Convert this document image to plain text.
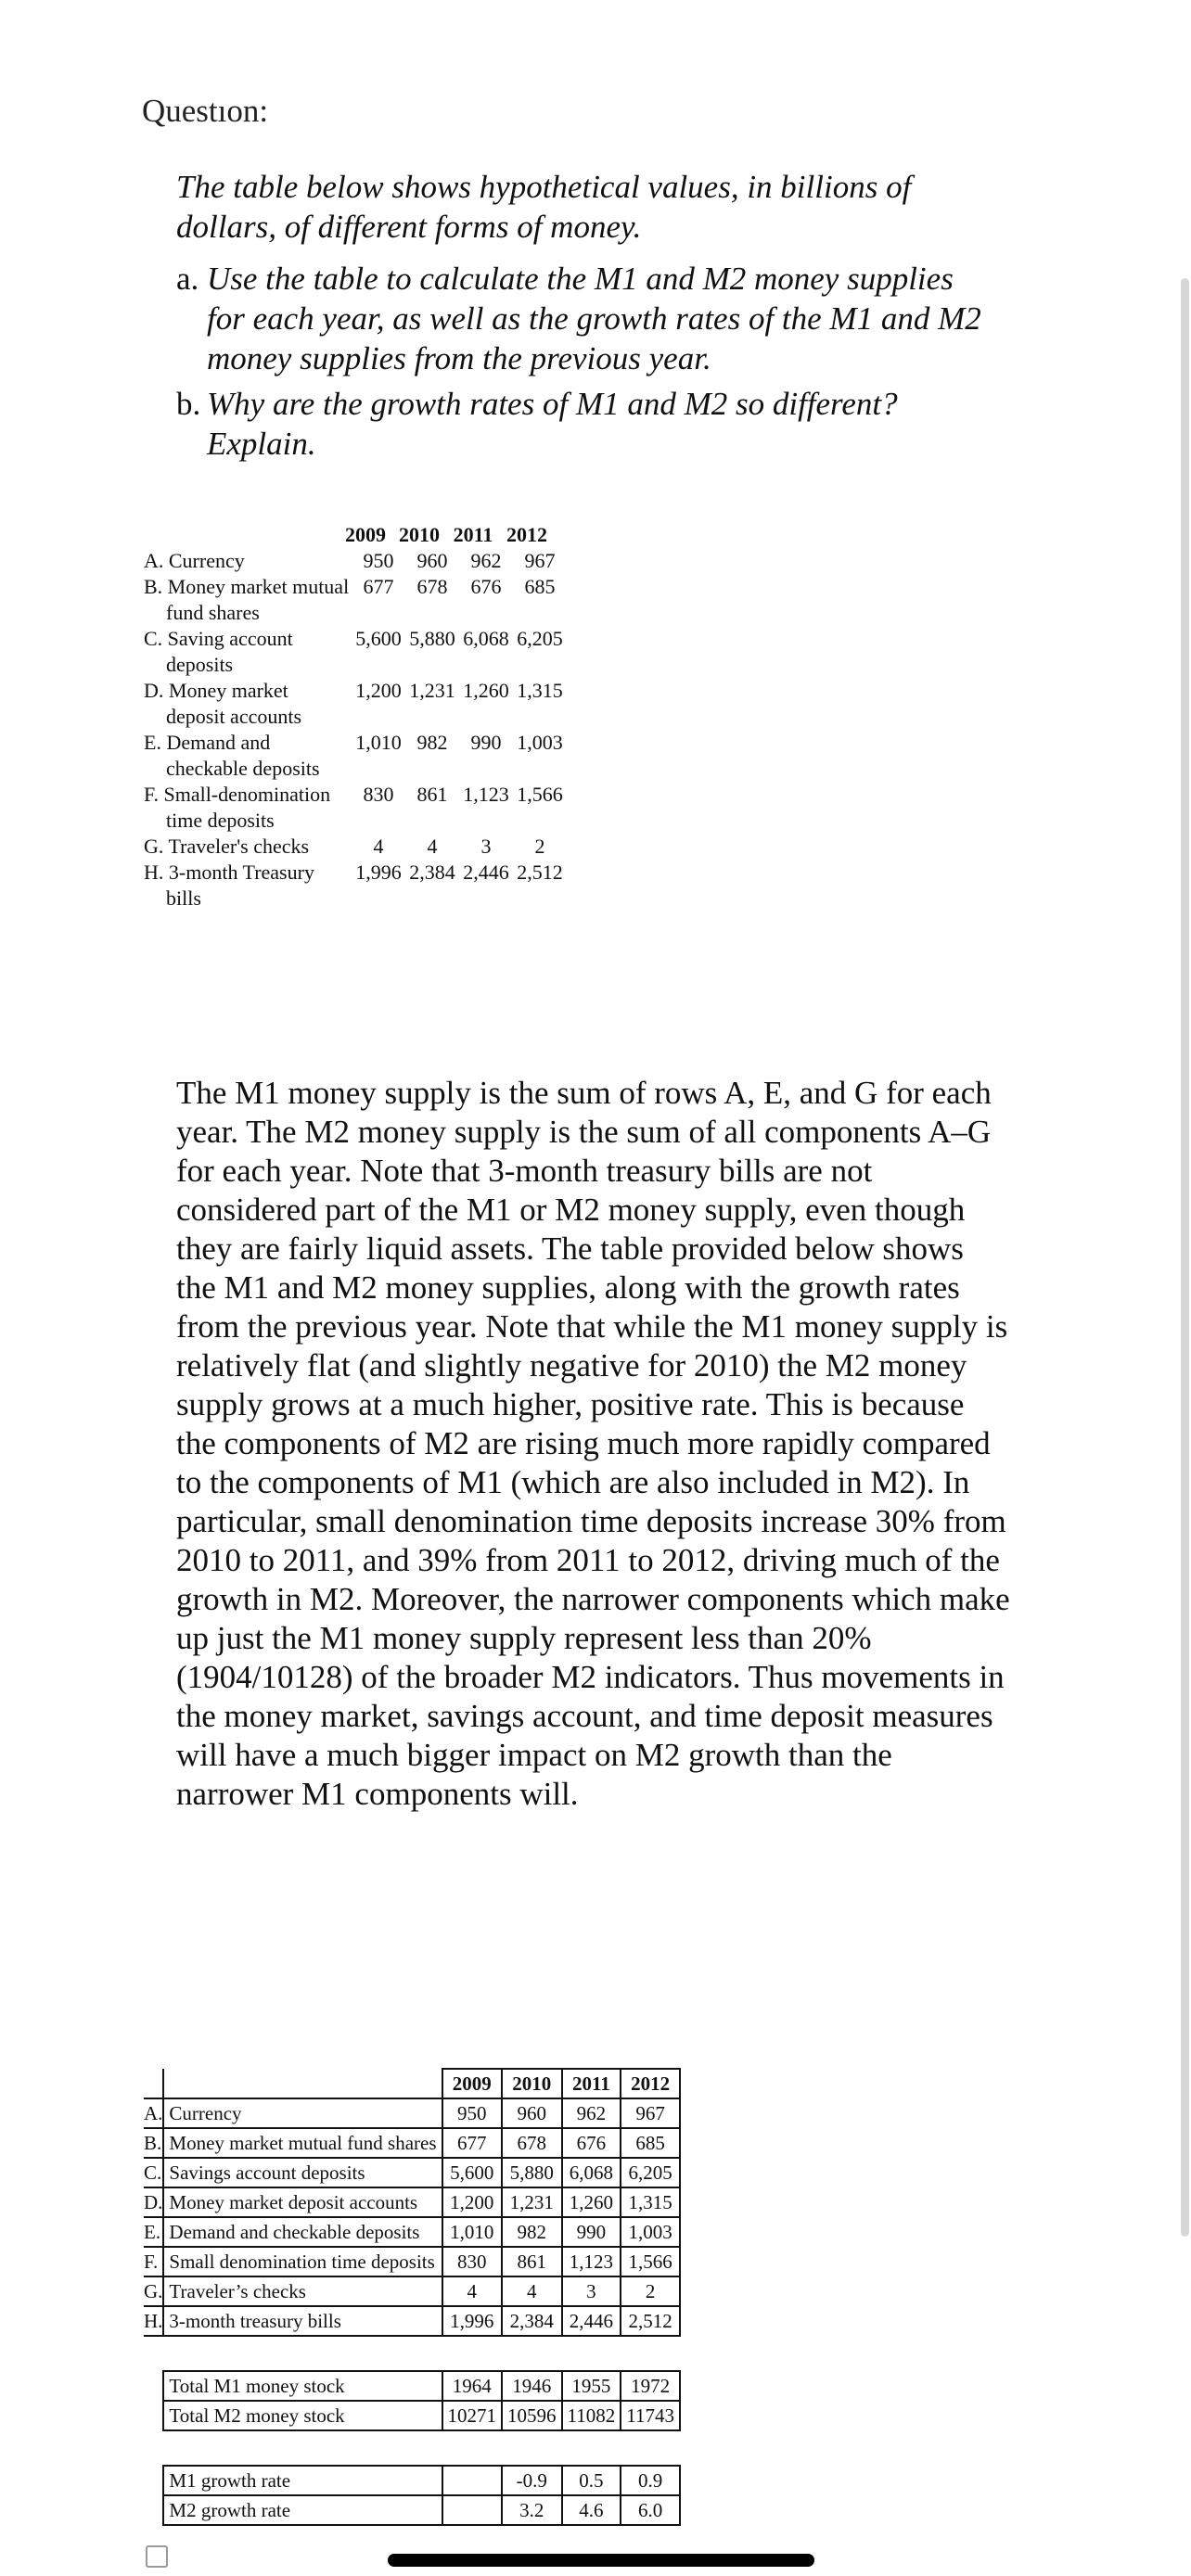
Questıon:

The table below shows hypothetical values, in billions of dollars, of different forms of money.

a. Use the table to calculate the M1 and M2 money supplies for each year, as well as the growth rates of the M1 and M2 money supplies from the previous year.
b. Why are the growth rates of M1 and M2 so different? Explain.
2009 2010 2011 2012
A. Currency	950	960	962	967
B. Money market mutual fund shares
677	678	676	685
C. Saving account deposits
5,600 5,880 6,068 6,205
D. Money market deposit accounts
1,200 1,231 1,260 1,315
E. Demand and checkable deposits
1,010 982	990 1,003
F. Small-denomination time deposits
830	861 1,123 1,566
G. Traveler's checks	4	4	3	2
H. 3-month Treasury bills
1,996 2,384 2,446 2,512

The M1 money supply is the sum of rows A, E, and G for each year. The M2 money supply is the sum of all components A–G for each year. Note that 3-month treasury bills are not considered part of the M1 or M2 money supply, even though they are fairly liquid assets. The table provided below shows the M1 and M2 money supplies, along with the growth rates from the previous year. Note that while the M1 money supply is relatively flat (and slightly negative for 2010) the M2 money supply grows at a much higher, positive rate. This is because the components of M2 are rising much more rapidly compared to the components of M1 (which are also included in M2). In particular, small denomination time deposits increase 30% from 2010 to 2011, and 39% from 2011 to 2012, driving much of the growth in M2. Moreover, the narrower components which make up just the M1 money supply represent less than 20% (1904/10128) of the broader M2 indicators. Thus movements in the money market, savings account, and time deposit measures will have a much bigger impact on M2 growth than the narrower M1 components will.

		2009	2010	2011	2012
A.	Currency	950	960	962	967
B.	Money market mutual fund shares	677	678	676	685
C.	Savings account deposits	5,600	5,880	6,068	6,205
D.	Money market deposit accounts	1,200	1,231	1,260	1,315
E.	Demand and checkable deposits	1,010	982	990	1,003
F.	Small denomination time deposits	830	861	1,123	1,566
G.	Traveler’s checks	4	4	3	2
H.	3-month treasury bills	1,996	2,384	2,446	2,512

	Total M1 money stock	1964	1946	1955	1972
	Total M2 money stock	10271	10596	11082	11743

	M1 growth rate		-0.9	0.5	0.9
	M2 growth rate		3.2	4.6	6.0
